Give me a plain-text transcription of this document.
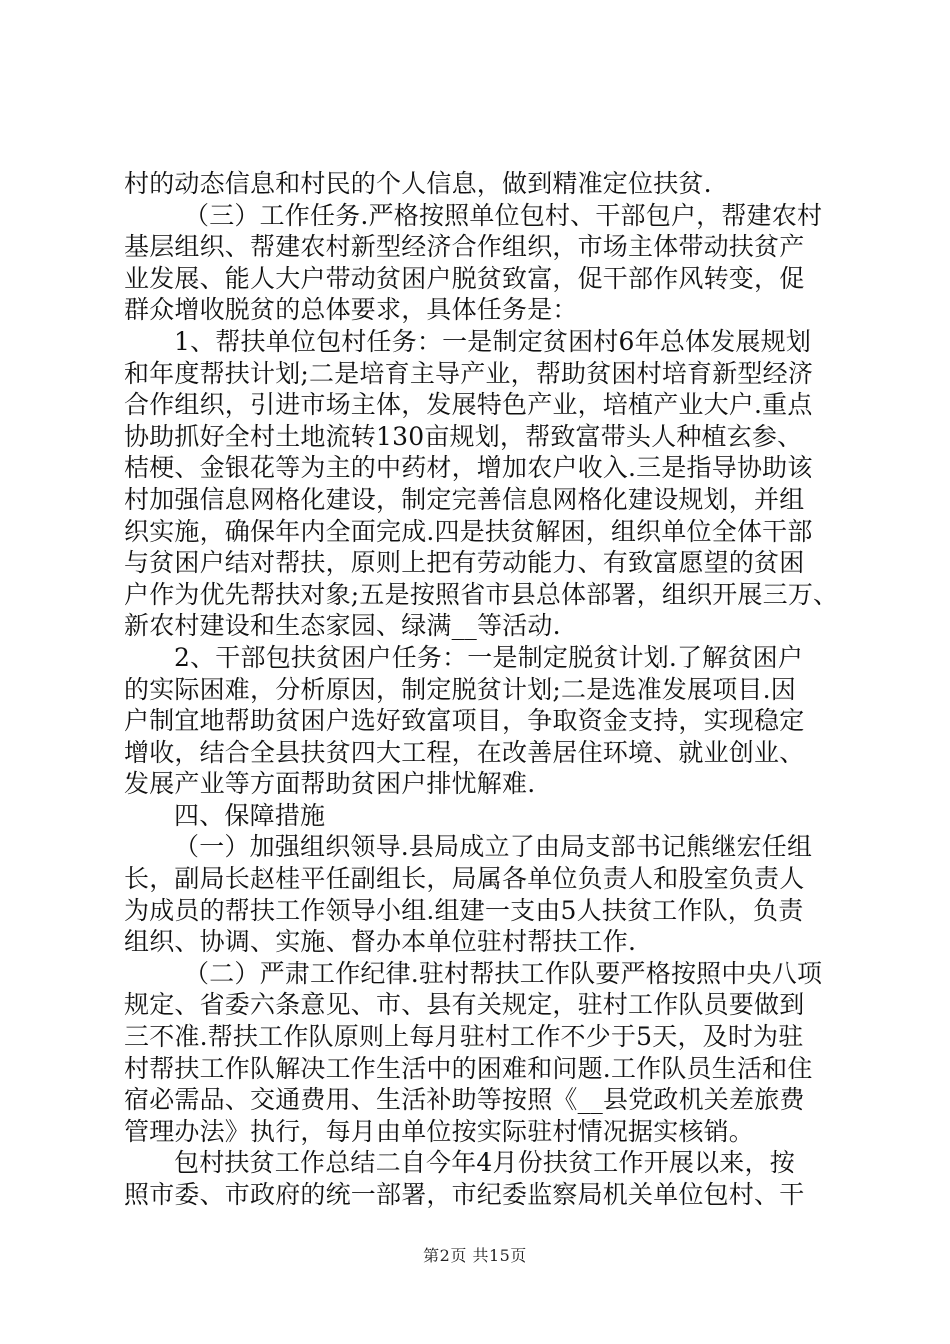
村的动态信息和村民的个人信息，做到精准定位扶贫.
（三）工作任务.严格按照单位包村、干部包户，帮建农村
基层组织、帮建农村新型经济合作组织，市场主体带动扶贫产
业发展、能人大户带动贫困户脱贫致富，促干部作风转变，促
群众增收脱贫的总体要求，具体任务是：
1、帮扶单位包村任务：一是制定贫困村6年总体发展规划
和年度帮扶计划;二是培育主导产业，帮助贫困村培育新型经济
合作组织，引进市场主体，发展特色产业，培植产业大户.重点
协助抓好全村土地流转130亩规划，帮致富带头人种植玄参、
桔梗、金银花等为主的中药材，增加农户收入.三是指导协助该
村加强信息网格化建设，制定完善信息网格化建设规划，并组
织实施，确保年内全面完成.四是扶贫解困，组织单位全体干部
与贫困户结对帮扶，原则上把有劳动能力、有致富愿望的贫困
户作为优先帮扶对象;五是按照省市县总体部署，组织开展三万、
新农村建设和生态家园、绿满__等活动.
2、干部包扶贫困户任务：一是制定脱贫计划.了解贫困户
的实际困难，分析原因，制定脱贫计划;二是选准发展项目.因
户制宜地帮助贫困户选好致富项目，争取资金支持，实现稳定
增收，结合全县扶贫四大工程，在改善居住环境、就业创业、
发展产业等方面帮助贫困户排忧解难.
四、保障措施
（一）加强组织领导.县局成立了由局支部书记熊继宏任组
长，副局长赵桂平任副组长，局属各单位负责人和股室负责人
为成员的帮扶工作领导小组.组建一支由5人扶贫工作队，负责
组织、协调、实施、督办本单位驻村帮扶工作.
（二）严肃工作纪律.驻村帮扶工作队要严格按照中央八项
规定、省委六条意见、市、县有关规定，驻村工作队员要做到
三不准.帮扶工作队原则上每月驻村工作不少于5天，及时为驻
村帮扶工作队解决工作生活中的困难和问题.工作队员生活和住
宿必需品、交通费用、生活补助等按照《__县党政机关差旅费
管理办法》执行，每月由单位按实际驻村情况据实核销。
包村扶贫工作总结二自今年4月份扶贫工作开展以来，按
照市委、市政府的统一部署，市纪委监察局机关单位包村、干
第2页 共15页
